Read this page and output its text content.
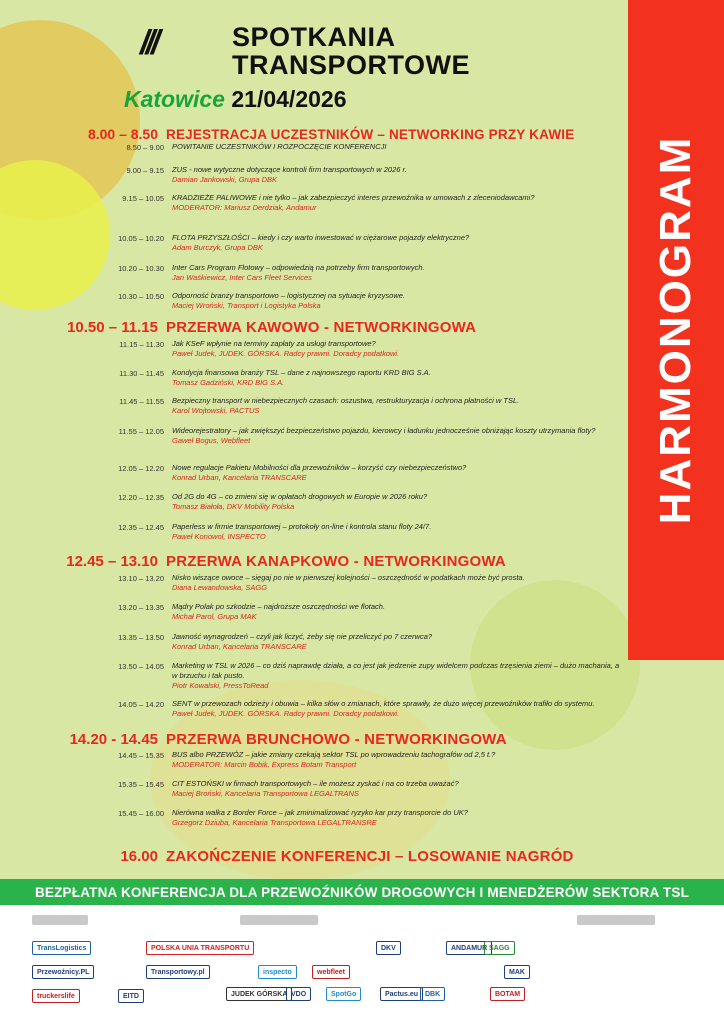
HARMONOGRAM
///	SPOTKANIA
TRANSPORTOWE
Katowice 21/04/2026
8.00 – 8.50 REJESTRACJA UCZESTNIKÓW – NETWORKING PRZY KAWIE
10.50 – 11.15 PRZERWA KAWOWO - NETWORKINGOWA
12.45 – 13.10 PRZERWA KANAPKOWO - NETWORKINGOWA
14.20 - 14.45 PRZERWA BRUNCHOWO - NETWORKINGOWA
16.00 ZAKOŃCZENIE KONFERENCJI – LOSOWANIE NAGRÓD
8.50 – 9.00	POWITANIE UCZESTNIKÓW I ROZPOCZĘCIE KONFERENCJI
9.00 – 9.15	ZUS - nowe wytyczne dotyczące kontroli firm transportowych w 2026 r.
Damian Jankowski, Grupa DBK
9.15 – 10.05	KRADZIEŻE PALIWOWE i nie tylko – jak zabezpieczyć interes przewoźnika w umowach z zleceniodawcami?
MODERATOR: Mariusz Derdziak, Andamur
10.05 – 10.20	FLOTA PRZYSZŁOŚCI – kiedy i czy warto inwestować w ciężarowe pojazdy elektryczne?
Adam Burczyk, Grupa DBK
10.20 – 10.30	Inter Cars Program Flotowy – odpowiedzią na potrzeby firm transportowych.
Jan Waśkiewicz, Inter Cars Fleet Services
10.30 – 10.50	Odporność branży transportowo – logistycznej na sytuacje kryzysowe.
Maciej Wroński, Transport i Logistyka Polska
11.15 – 11.30	Jak KSeF wpłynie na terminy zapłaty za usługi transportowe?
Paweł Judek, JUDEK. GÓRSKA. Radcy prawni. Doradcy podatkowi.
11.30 – 11.45	Kondycja finansowa branży TSL – dane z najnowszego raportu KRD BIG S.A.
Tomasz Gadziński, KRD BIG S.A.
11.45 – 11.55	Bezpieczny transport w niebezpiecznych czasach: oszustwa, restrukturyzacja i ochrona płatności w TSL.
Karol Wojtowski, PACTUS
11.55 – 12.05	Wideorejestratory – jak zwiększyć bezpieczeństwo pojazdu, kierowcy i ładunku jednocześnie obniżając koszty utrzymania floty?
Gaweł Bogus, Webfleet
12.05 – 12.20	Nowe regulacje Pakietu Mobilności dla przewoźników – korzyść czy niebezpieczeństwo?
Konrad Urban, Kancelaria TRANSCARE
12.20 – 12.35	Od 2G do 4G – co zmieni się w opłatach drogowych w Europie w 2026 roku?
Tomasz Białoła, DKV Mobility Polska
12.35 – 12.45	Paperless w firmie transportowej – protokoły on-line i kontrola stanu floty 24/7.
Paweł Konowol, INSPECTO
13.10 – 13.20	Nisko wiszące owoce – sięgaj po nie w pierwszej kolejności – oszczędność w podatkach może być prosta.
Diana Lewandowska, SAGG
13.20 – 13.35	Mądry Polak po szkodzie – najdroższe oszczędności we flotach.
Michał Parol, Grupa MAK
13.35 – 13.50	Jawność wynagrodzeń – czyli jak liczyć, żeby się nie przeliczyć po 7 czerwca?
Konrad Urban, Kancelaria TRANSCARE
13.50 – 14.05	Marketing w TSL w 2026 – co dziś naprawdę działa, a co jest jak jedzenie zupy widelcem podczas trzęsienia ziemi – dużo machania, a w brzuchu i tak pusto.
Piotr Kowalski, PressToRead
14.05 – 14.20	SENT w przewozach odzieży i obuwia – kilka słów o zmianach, które sprawiły, że dużo więcej przewoźników trafiło do systemu.
Paweł Judek, JUDEK. GÓRSKA. Radcy prawni. Doradcy podatkowi.
14.45 – 15.35	BUS albo PRZEWÓZ – jakie zmiany czekają sektor TSL po wprowadzeniu tachografów od 2,5 t.?
MODERATOR: Marcin Bobik, Express Botam Transport
15.35 – 15.45	CIT ESTOŃSKI w firmach transportowych – ile możesz zyskać i na co trzeba uważać?
Maciej Broński, Kancelaria Transportowa LEGALTRANS
15.45 – 16.00	Nierówna walka z Border Force – jak zminimalizować ryzyko kar przy transporcie do UK?
Grzegorz Dziuba, Kancelaria Transportowa LEGALTRANSRE
BEZPŁATNA KONFERENCJA DLA PRZEWOŹNIKÓW DROGOWYCH I MENEDŻERÓW SEKTORA TSL
TransLogistics	POLSKA UNIA TRANSPORTU
Przewoźnicy.PL	Transportowy.pl
truckerslife	EITD
DKV	ANDAMUR SAGG
inspecto	webfleet	MAK
JUDEK GÓRSKA VDO	SpotGo	Pactus.eu DBK	BOTAM
